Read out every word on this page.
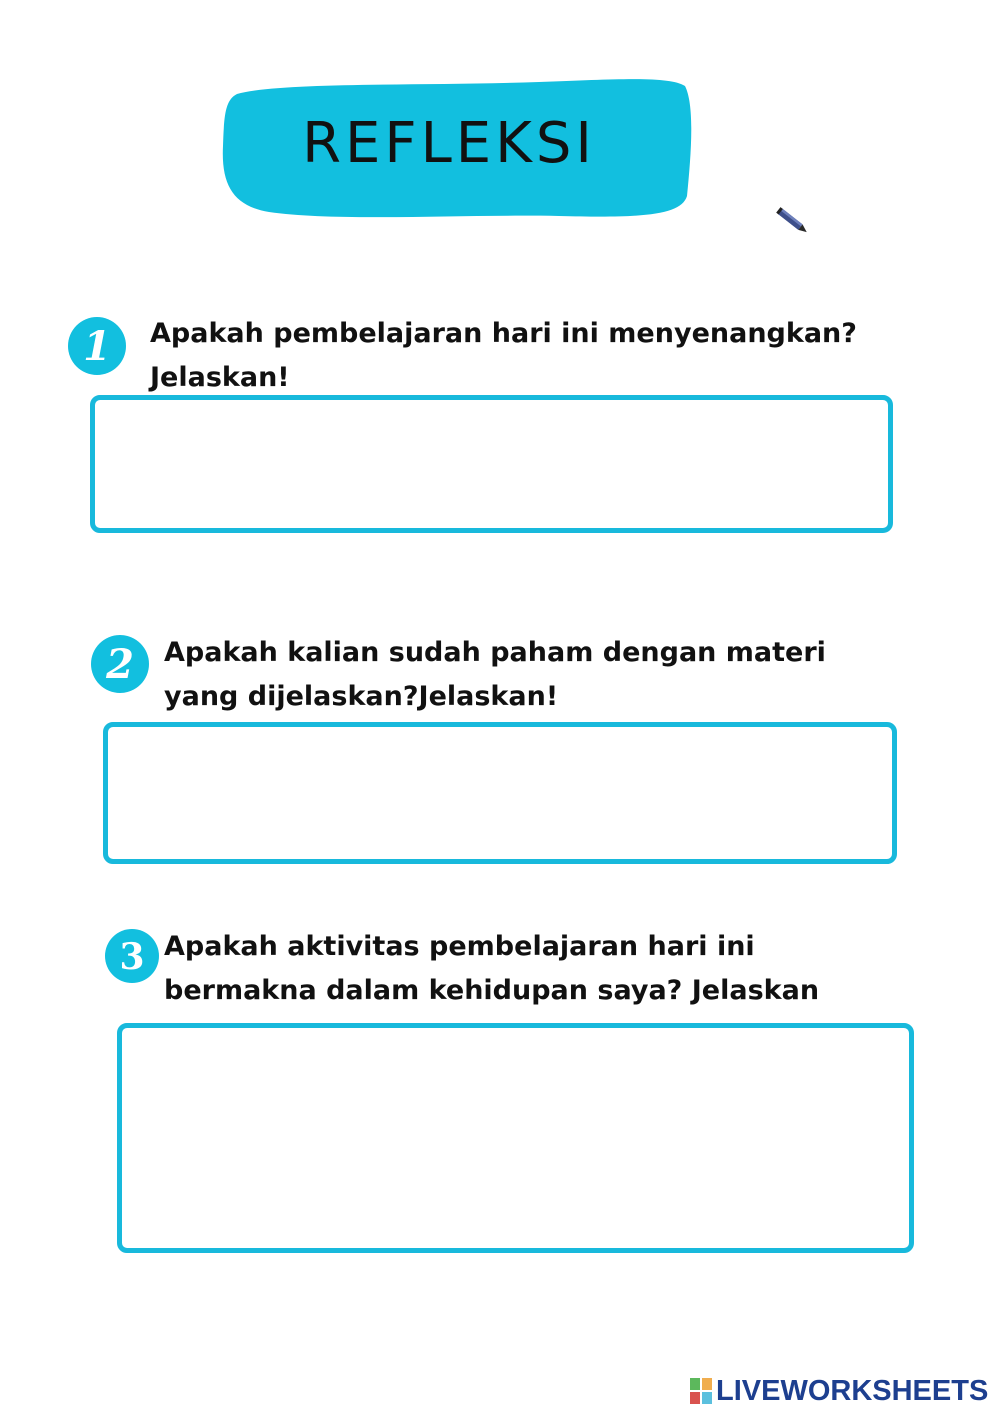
REFLEKSI
1 Apakah pembelajaran hari ini menyenangkan?
Jelaskan!

2 Apakah kalian sudah paham dengan materi
yang dijelaskan?Jelaskan!

3 Apakah aktivitas pembelajaran hari ini
bermakna dalam kehidupan saya? Jelaskan

LIVEWORKSHEETS
